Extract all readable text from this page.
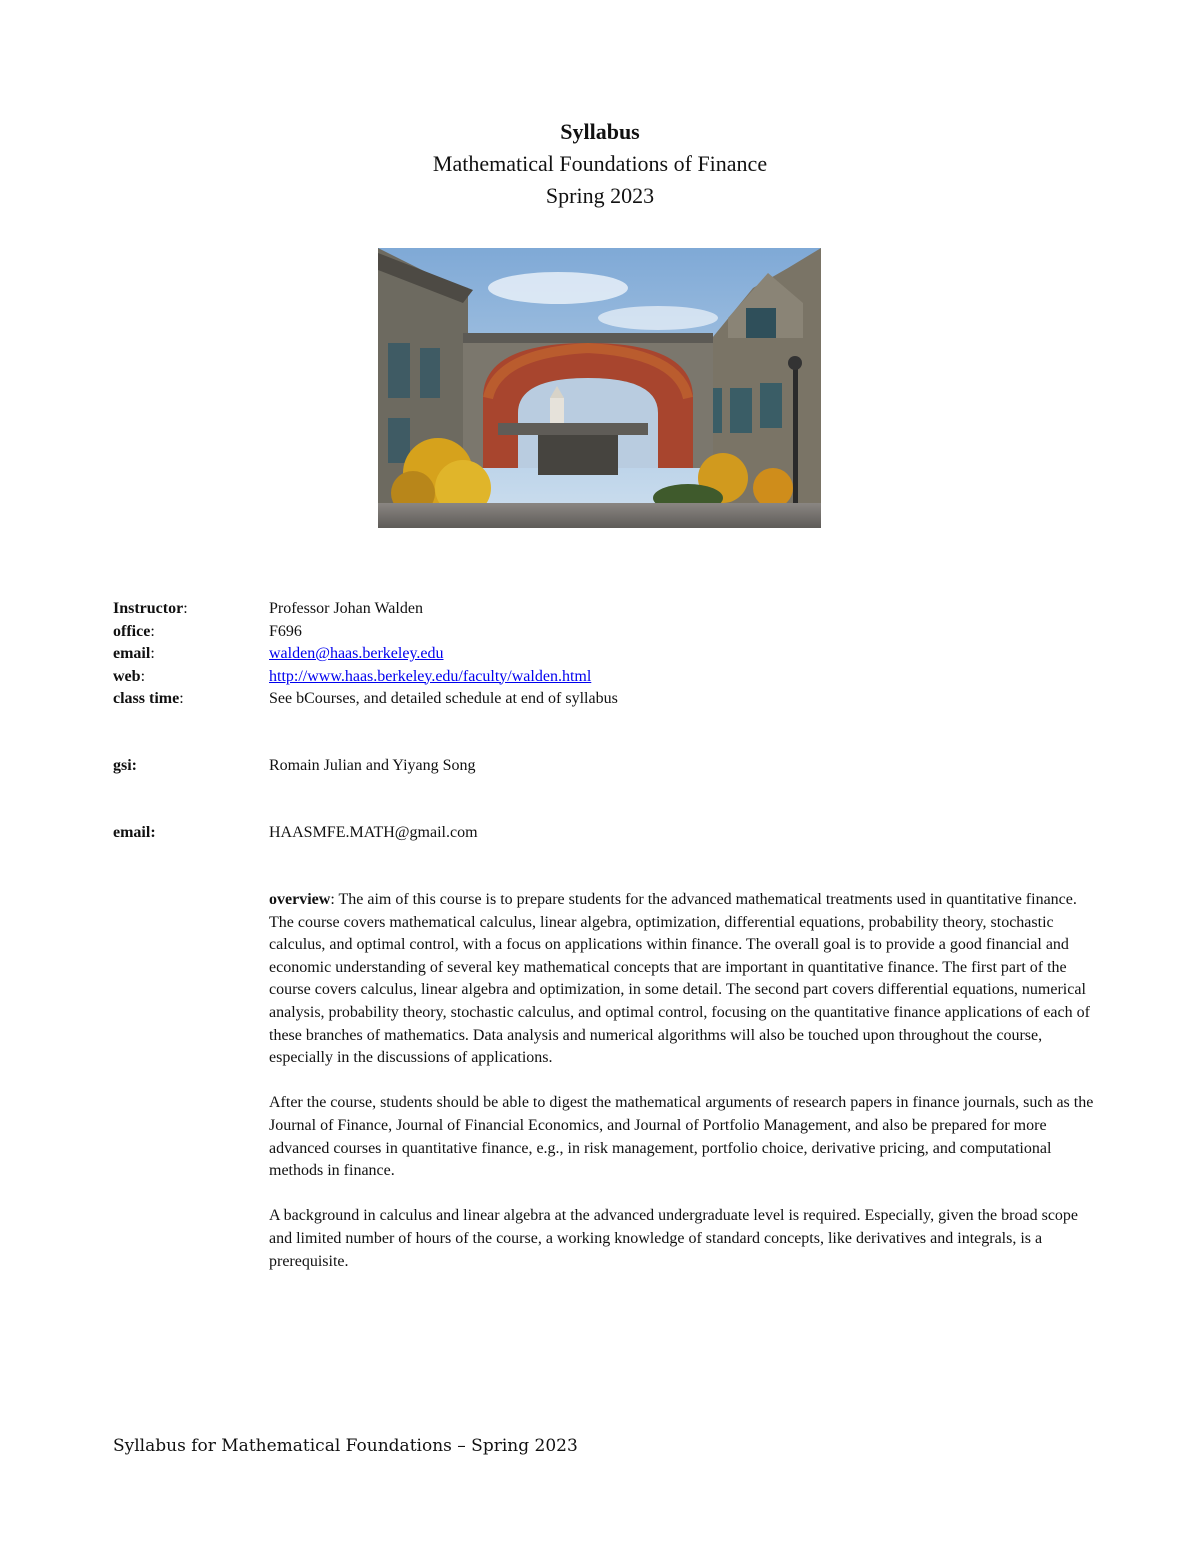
Syllabus
Mathematical Foundations of Finance
Spring 2023
Instructor:	Professor Johan Walden
office:	F696
email:	walden@haas.berkeley.edu
web:	http://www.haas.berkeley.edu/faculty/walden.html
class time:	See bCourses, and detailed schedule at end of syllabus
gsi:	Romain Julian and Yiyang Song
email:	HAASMFE.MATH@gmail.com

overview: The aim of this course is to prepare students for the advanced mathematical treatments used in quantitative finance. The course covers mathematical calculus, linear algebra, optimization, differential equations, probability theory, stochastic calculus, and optimal control, with a focus on applications within finance. The overall goal is to provide a good financial and economic understanding of several key mathematical concepts that are important in quantitative finance. The first part of the course covers calculus, linear algebra and optimization, in some detail. The second part covers differential equations, numerical analysis, probability theory, stochastic calculus, and optimal control, focusing on the quantitative finance applications of each of these branches of mathematics. Data analysis and numerical algorithms will also be touched upon throughout the course, especially in the discussions of applications.

After the course, students should be able to digest the mathematical arguments of research papers in finance journals, such as the Journal of Finance, Journal of Financial Economics, and Journal of Portfolio Management, and also be prepared for more advanced courses in quantitative finance, e.g., in risk management, portfolio choice, derivative pricing, and computational methods in finance.

A background in calculus and linear algebra at the advanced undergraduate level is required. Especially, given the broad scope and limited number of hours of the course, a working knowledge of standard concepts, like derivatives and integrals, is a prerequisite.

Syllabus for Mathematical Foundations – Spring 2023
